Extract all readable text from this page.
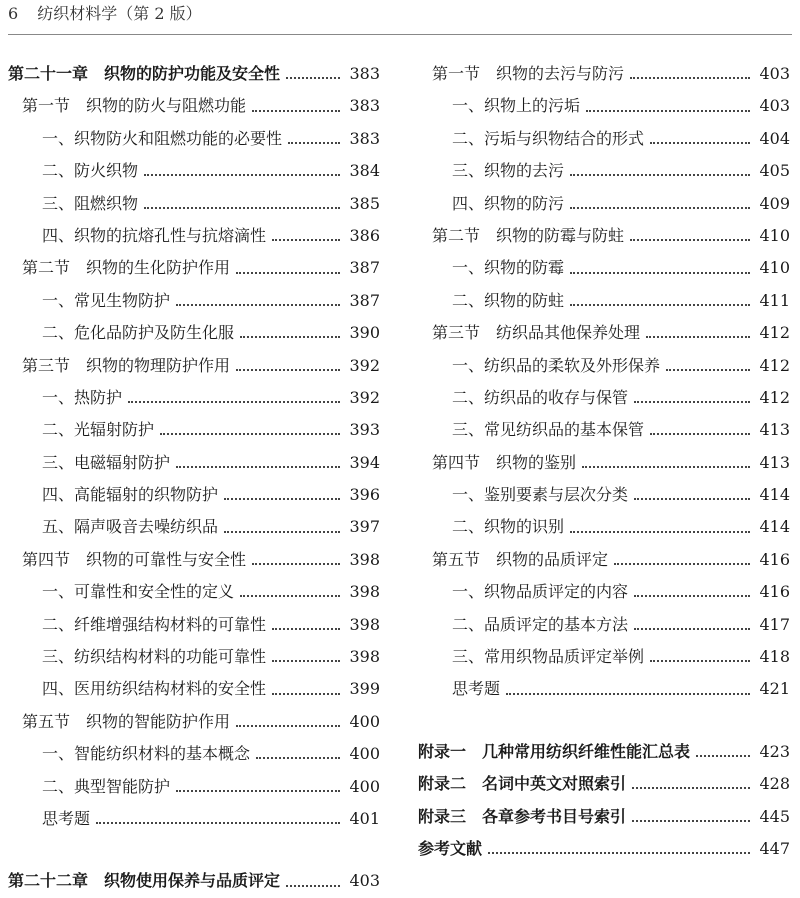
6 纺织材料学（第 2 版）
第二十一章　织物的防护功能及安全性	383
第一节　织物的防火与阻燃功能	383
一、织物防火和阻燃功能的必要性	383
二、防火织物	384
三、阻燃织物	385
四、织物的抗熔孔性与抗熔滴性	386
第二节　织物的生化防护作用	387
一、常见生物防护	387
二、危化品防护及防生化服	390
第三节　织物的物理防护作用	392
一、热防护	392
二、光辐射防护	393
三、电磁辐射防护	394
四、高能辐射的织物防护	396
五、隔声吸音去噪纺织品	397
第四节　织物的可靠性与安全性	398
一、可靠性和安全性的定义	398
二、纤维增强结构材料的可靠性	398
三、纺织结构材料的功能可靠性	398
四、医用纺织结构材料的安全性	399
第五节　织物的智能防护作用	400
一、智能纺织材料的基本概念	400
二、典型智能防护	400
思考题	401
第二十二章　织物使用保养与品质评定	403
第一节　织物的去污与防污	403
一、织物上的污垢	403
二、污垢与织物结合的形式	404
三、织物的去污	405
四、织物的防污	409
第二节　织物的防霉与防蛀	410
一、织物的防霉	410
二、织物的防蛀	411
第三节　纺织品其他保养处理	412
一、纺织品的柔软及外形保养	412
二、纺织品的收存与保管	412
三、常见纺织品的基本保管	413
第四节　织物的鉴别	413
一、鉴别要素与层次分类	414
二、织物的识别	414
第五节　织物的品质评定	416
一、织物品质评定的内容	416
二、品质评定的基本方法	417
三、常用织物品质评定举例	418
思考题	421
附录一　几种常用纺织纤维性能汇总表	423
附录二　名词中英文对照索引	428
附录三　各章参考书目号索引	445
参考文献	447
